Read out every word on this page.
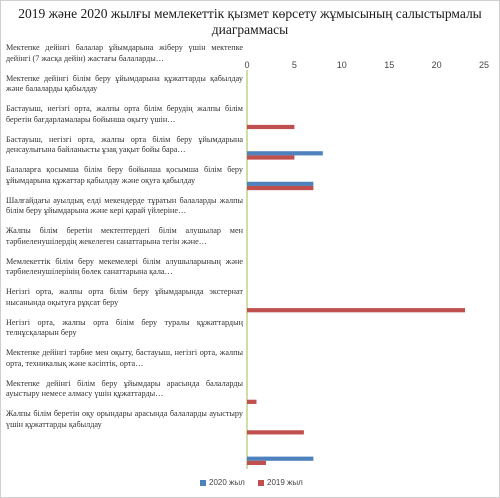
2019 және 2020 жылғы мемлекеттік қызмет көрсету жұмысының салыстырмалы диаграммасы
Мектепке дейінгі балалар ұйымдарына жіберу үшін мектепке дейінгі (7 жасқа дейін) жастағы балаларды…
Мектепке дейінгі білім беру ұйымдарына құжаттарды қабылдау және балаларды қабылдау
Бастауыш, негізгі орта, жалпы орта білім берудің жалпы білім беретін бағдарламалары бойынша оқыту үшін…
Бастауыш, негізгі орта, жалпы орта білім беру ұйымдарына денсаулығына байланысты ұзақ уақыт бойы бара…
Балаларға қосымша білім беру бойынша қосымша білім беру ұйымдарына құжаттар қабылдау және оқуға қабылдау
Шалғайдағы ауылдық елді мекендерде тұратын балаларды жалпы білім беру ұйымдарына және кері қарай үйлеріне…
Жалпы білім беретін мектептердегі білім алушылар мен тәрбиеленушілердің жекелеген санаттарына тегін және…
Мемлекеттік білім беру мекемелері білім алушыларының және тәрбиеленушілерінің бөлек санаттарына қала…
Негізгі орта, жалпы орта білім беру ұйымдарында экстернат нысанында оқытуға рұқсат беру
Негізгі орта, жалпы орта білім беру туралы құжаттардың телнұсқаларын беру
Мектепке дейінгі тәрбие мен оқыту, бастауыш, негізгі орта, жалпы орта, техникалық және кәсіптік, орта…
Мектепке дейінгі білім беру ұйымдары арасында балаларды ауыстыру немесе алмасу үшін құжаттарды…
Жалпы білім беретін оқу орындары арасында балаларды ауыстыру үшін құжаттарды қабылдау
0	5	10	15	20	25
2020 жыл	2019 жыл
